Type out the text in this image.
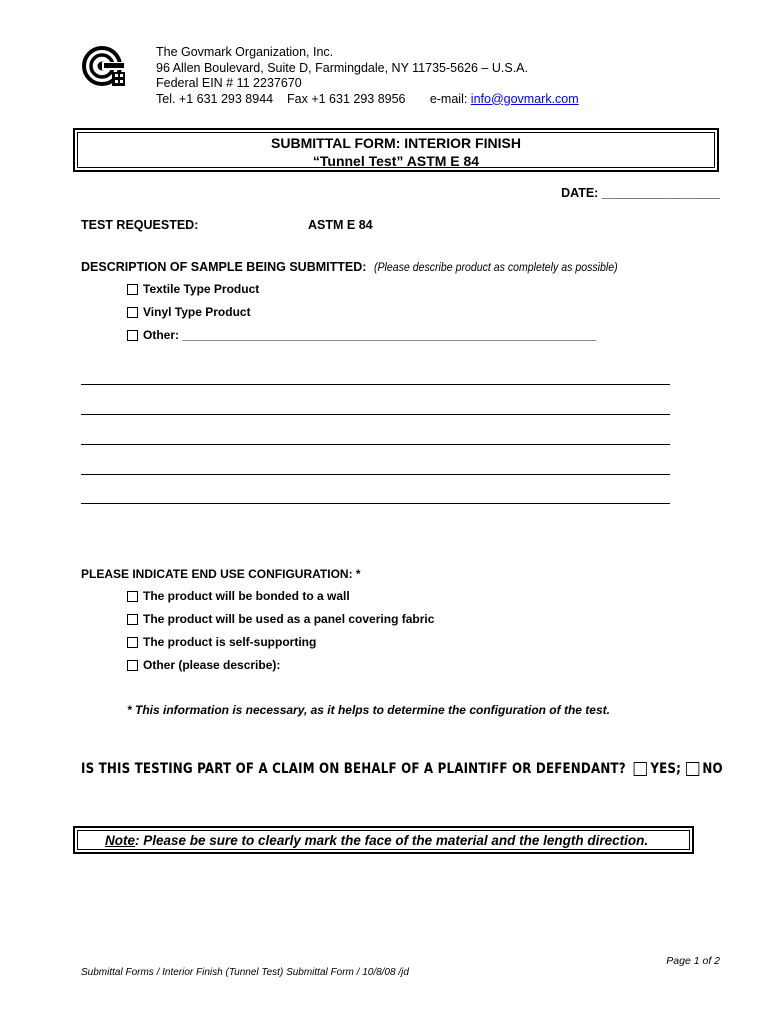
The Govmark Organization, Inc.
96 Allen Boulevard, Suite D, Farmingdale, NY 11735-5626 – U.S.A.
Federal EIN # 11 2237670
Tel. +1 631 293 8944    Fax +1 631 293 8956       e-mail: info@govmark.com
SUBMITTAL FORM: INTERIOR FINISH
“Tunnel Test” ASTM E 84
DATE: _________________
TEST REQUESTED:	ASTM E 84
DESCRIPTION OF SAMPLE BEING SUBMITTED: (Please describe product as completely as possible)
Textile Type Product
Vinyl Type Product
Other: ______________________________________________________________
PLEASE INDICATE END USE CONFIGURATION: *
The product will be bonded to a wall
The product will be used as a panel covering fabric
The product is self-supporting
Other (please describe):
* This information is necessary, as it helps to determine the configuration of the test.
IS THIS TESTING PART OF A CLAIM ON BEHALF OF A PLAINTIFF OR DEFENDANT? YES; NO
Note: Please be sure to clearly mark the face of the material and the length direction.
Page 1 of 2
Submittal Forms / Interior Finish (Tunnel Test) Submittal Form / 10/8/08 /jd
